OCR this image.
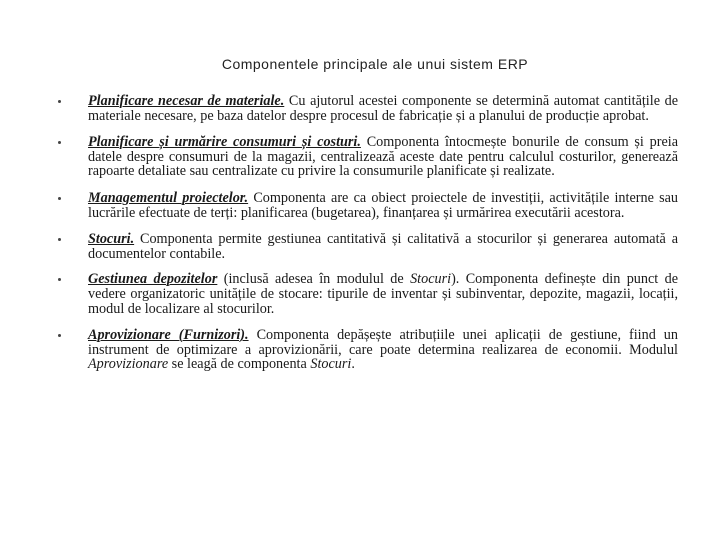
Componentele principale ale unui sistem ERP
Planificare necesar de materiale. Cu ajutorul acestei componente se determină automat cantitățile de materiale necesare, pe baza datelor despre procesul de fabricație și a planului de producție aprobat.
Planificare și urmărire consumuri și costuri. Componenta întocmește bonurile de consum și preia datele despre consumuri de la magazii, centralizează aceste date pentru calculul costurilor, generează rapoarte detaliate sau centralizate cu privire la consumurile planificate și realizate.
Managementul proiectelor. Componenta are ca obiect proiectele de investiții, activitățile interne sau lucrările efectuate de terți: planificarea (bugetarea), finanțarea și urmărirea executării acestora.
Stocuri. Componenta permite gestiunea cantitativă și calitativă a stocurilor și generarea automată a documentelor contabile.
Gestiunea depozitelor (inclusă adesea în modulul de Stocuri). Componenta definește din punct de vedere organizatoric unitățile de stocare: tipurile de inventar și subinventar, depozite, magazii, locații, modul de localizare al stocurilor.
Aprovizionare (Furnizori). Componenta depășește atribuțiile unei aplicații de gestiune, fiind un instrument de optimizare a aprovizionării, care poate determina realizarea de economii. Modulul Aprovizionare se leagă de componenta Stocuri.
